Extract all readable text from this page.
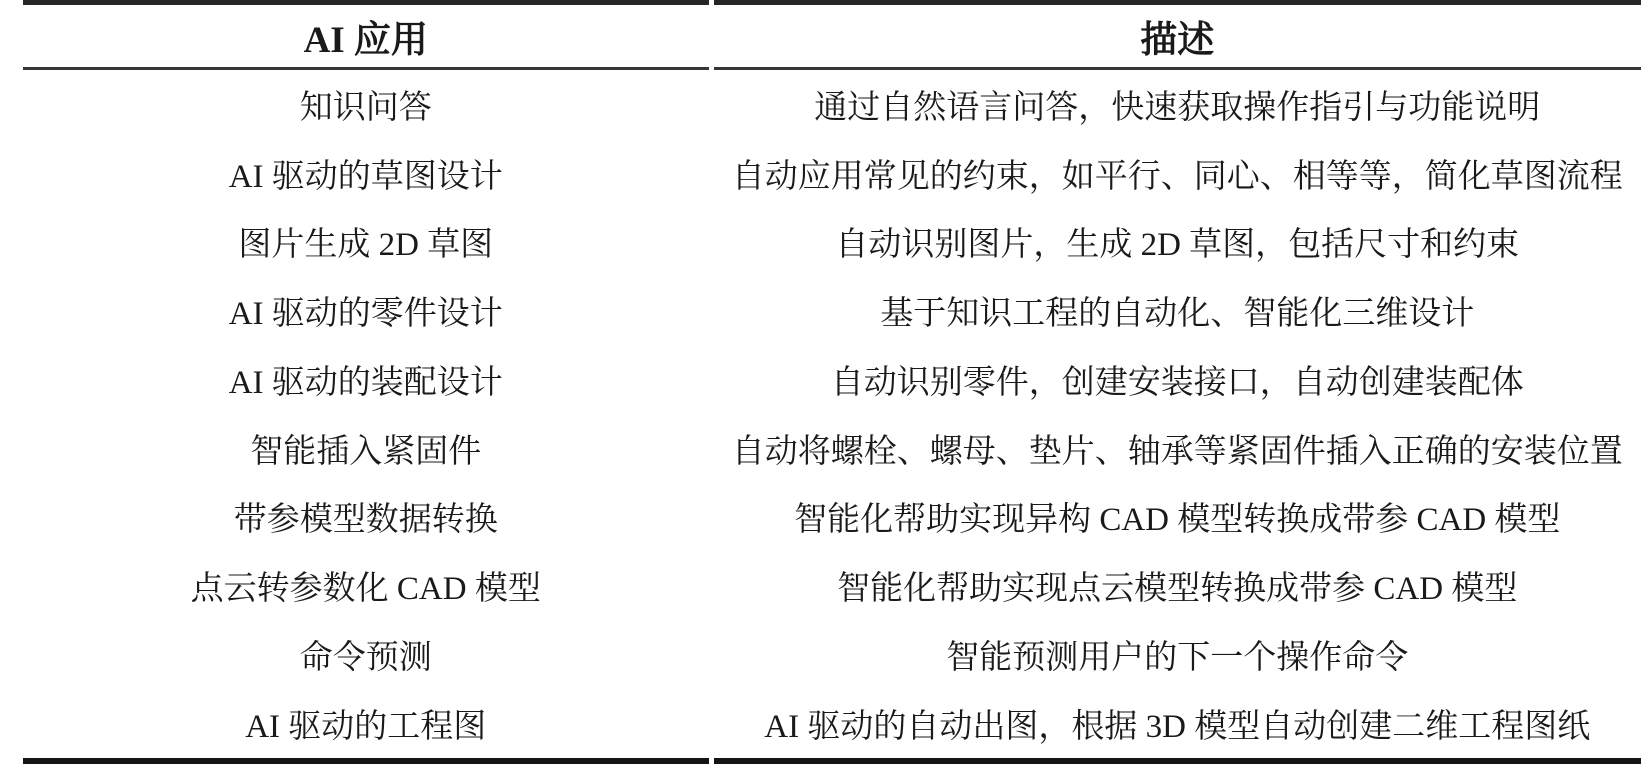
AI 应用	描述
知识问答	通过自然语言问答，快速获取操作指引与功能说明
AI 驱动的草图设计	自动应用常见的约束，如平行、同心、相等等，简化草图流程
图片生成 2D 草图	自动识别图片，生成 2D 草图，包括尺寸和约束
AI 驱动的零件设计	基于知识工程的自动化、智能化三维设计
AI 驱动的装配设计	自动识别零件，创建安装接口，自动创建装配体
智能插入紧固件	自动将螺栓、螺母、垫片、轴承等紧固件插入正确的安装位置
带参模型数据转换	智能化帮助实现异构 CAD 模型转换成带参 CAD 模型
点云转参数化 CAD 模型	智能化帮助实现点云模型转换成带参 CAD 模型
命令预测	智能预测用户的下一个操作命令
AI 驱动的工程图	AI 驱动的自动出图，根据 3D 模型自动创建二维工程图纸
